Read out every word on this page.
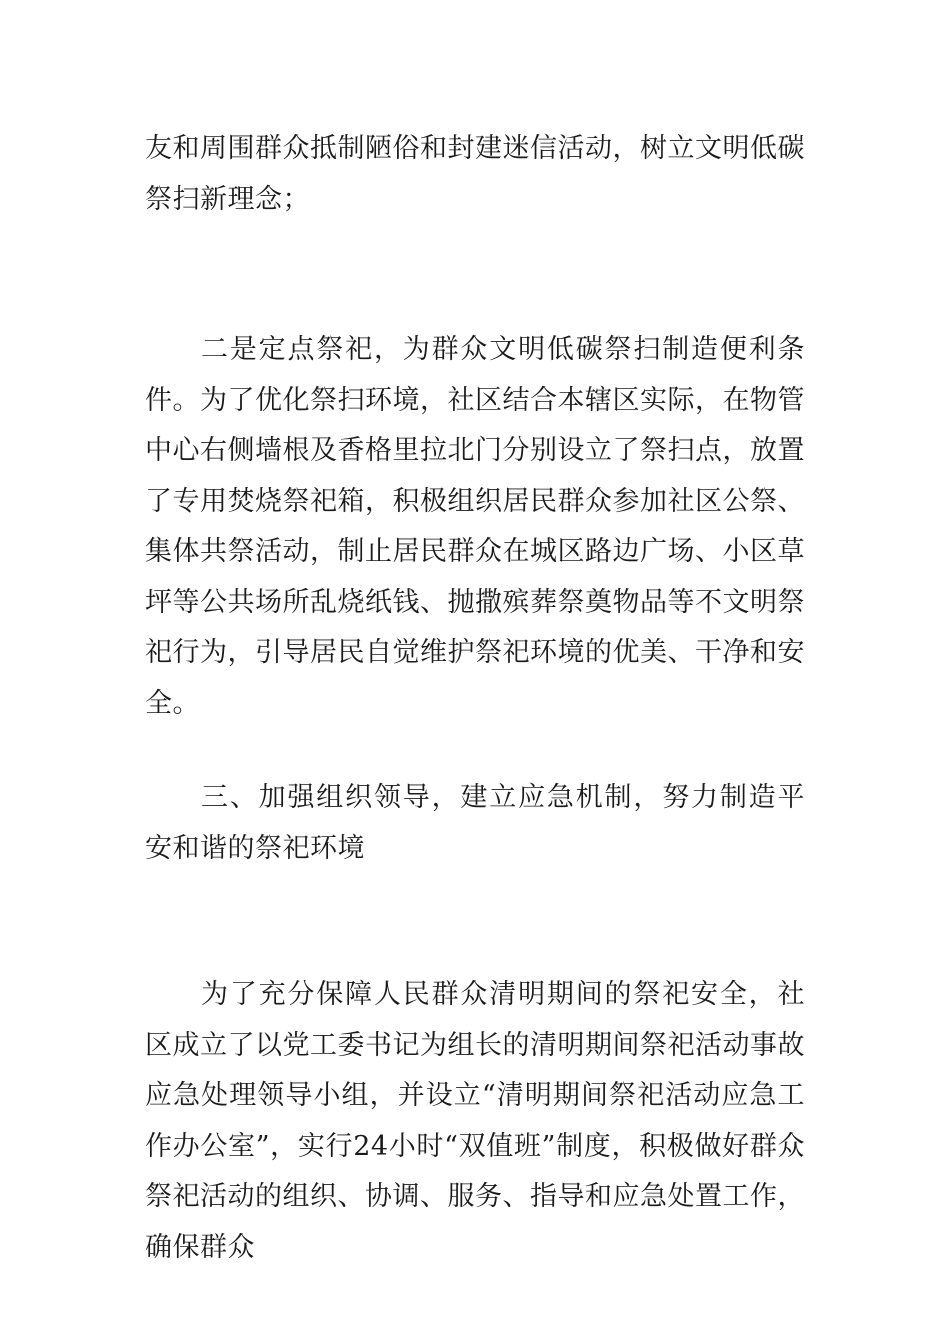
友和周围群众抵制陋俗和封建迷信活动，树立文明低碳祭扫新理念；

二是定点祭祀，为群众文明低碳祭扫制造便利条件。为了优化祭扫环境，社区结合本辖区实际，在物管中心右侧墙根及香格里拉北门分别设立了祭扫点，放置了专用焚烧祭祀箱，积极组织居民群众参加社区公祭、集体共祭活动，制止居民群众在城区路边广场、小区草坪等公共场所乱烧纸钱、抛撒殡葬祭奠物品等不文明祭祀行为，引导居民自觉维护祭祀环境的优美、干净和安全。

三、加强组织领导，建立应急机制，努力制造平安和谐的祭祀环境

为了充分保障人民群众清明期间的祭祀安全，社区成立了以党工委书记为组长的清明期间祭祀活动事故应急处理领导小组，并设立“清明期间祭祀活动应急工作办公室”，实行24小时“双值班”制度，积极做好群众祭祀活动的组织、协调、服务、指导和应急处置工作，确保群众
